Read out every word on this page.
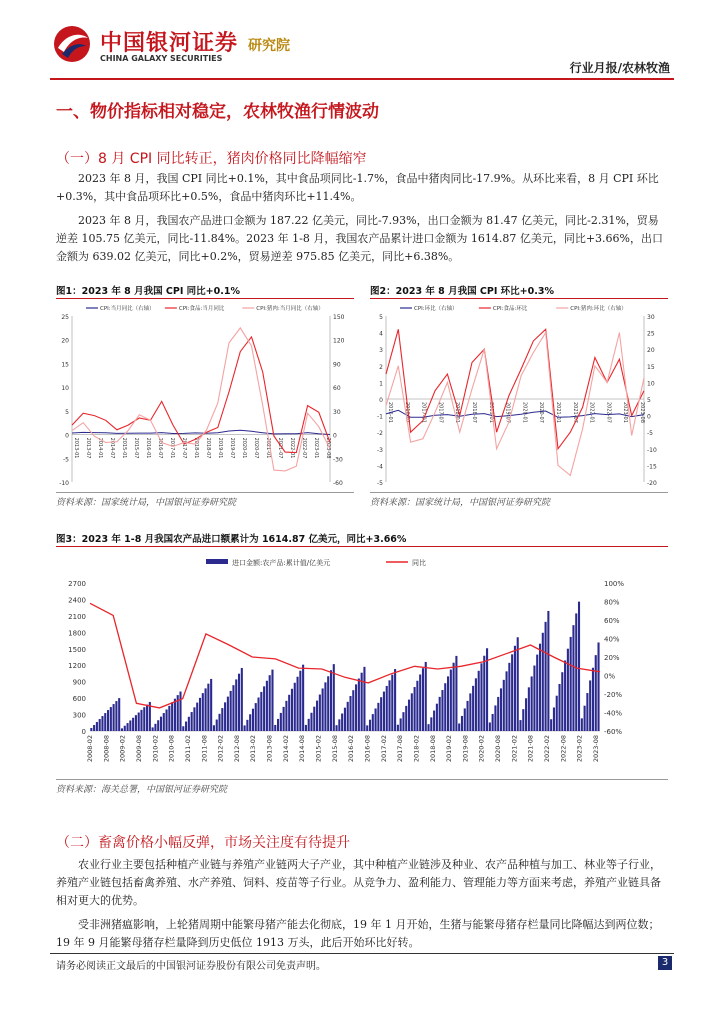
中国银河证券
CHINA GALAXY SECURITIES
研究院
行业月报/农林牧渔
一、物价指标相对稳定，农林牧渔行情波动
（一）8 月 CPI 同比转正，猪肉价格同比降幅缩窄

2023 年 8 月，我国 CPI 同比+0.1%，其中食品项同比-1.7%，食品中猪肉同比-17.9%。从环比来看，8 月 CPI 环比+0.3%，其中食品项环比+0.5%，食品中猪肉环比+11.4%。

2023 年 8 月，我国农产品进口金额为 187.22 亿美元，同比-7.93%，出口金额为 81.47 亿美元，同比-2.31%，贸易逆差 105.75 亿美元，同比-11.84%。2023 年 1-8 月，我国农产品累计进口金额为 1614.87 亿美元，同比+3.66%，出口金额为 639.02 亿美元，同比+0.2%，贸易逆差 975.85 亿美元，同比+6.38%。

图1：2023 年 8 月我国 CPI 同比+0.1%
25
20
15
10
5
0
-5
-10
150
120
90
60
30
0
-30
-60
2013-01 2013-07 2014-01 2014-07 2015-01 2015-07 2016-01 2016-07 2017-01 2017-07 2018-01 2018-07 2019-01 2019-07 2020-01 2020-07 2021-01 2021-07 2022-01 2022-07 2023-01 2023-08
CPI:当月同比（右轴）	CPI:食品:当月同比	CPI:猪肉:当月同比（右轴）
资料来源：国家统计局，中国银河证券研究院
图2：2023 年 8 月我国 CPI 环比+0.3%
5
4
3
2
1
0
-1
-2
-3
-4
-5
30
25
20
15
10
5
0
-5
-10
-15
-20
2016-01 2016-07 2017-01 2017-07 2018-01 2018-07 2019-01 2019-07 2020-01 2020-07 2021-01 2021-07 2022-01 2022-07 2023-01 2023-08
CPI:环比（右轴）	CPI:食品:环比	CPI:猪肉:环比（右轴）
资料来源：国家统计局，中国银河证券研究院
图3：2023 年 1-8 月我国农产品进口额累计为 1614.87 亿美元，同比+3.66%
进口金额:农产品:累计值/亿美元	同比
2700
2400
2100
1800
1500
1200
900
600
300
0
100%
80%
60%
40%
20%
0%
-20%
-40%
-60%
2008-02 2008-08 2009-02 2009-08 2010-02 2010-08 2011-02 2011-08 2012-02 2012-08 2013-02 2013-08 2014-02 2014-08 2015-02 2015-08 2016-02 2016-08 2017-02 2017-08 2018-02 2018-08 2019-02 2019-08 2020-02 2020-08 2021-02 2021-08 2022-02 2022-08 2023-02 2023-08
资料来源：海关总署，中国银河证券研究院
（二）畜禽价格小幅反弹，市场关注度有待提升

农业行业主要包括种植产业链与养殖产业链两大子产业，其中种植产业链涉及种业、农产品种植与加工、林业等子行业，养殖产业链包括畜禽养殖、水产养殖、饲料、疫苗等子行业。从竞争力、盈利能力、管理能力等方面来考虑，养殖产业链具备相对更大的优势。

受非洲猪瘟影响，上轮猪周期中能繁母猪产能去化彻底，19 年 1 月开始，生猪与能繁母猪存栏量同比降幅达到两位数；19 年 9 月能繁母猪存栏量降到历史低位 1913 万头，此后开始环比好转。

请务必阅读正文最后的中国银河证券股份有限公司免责声明。	3
